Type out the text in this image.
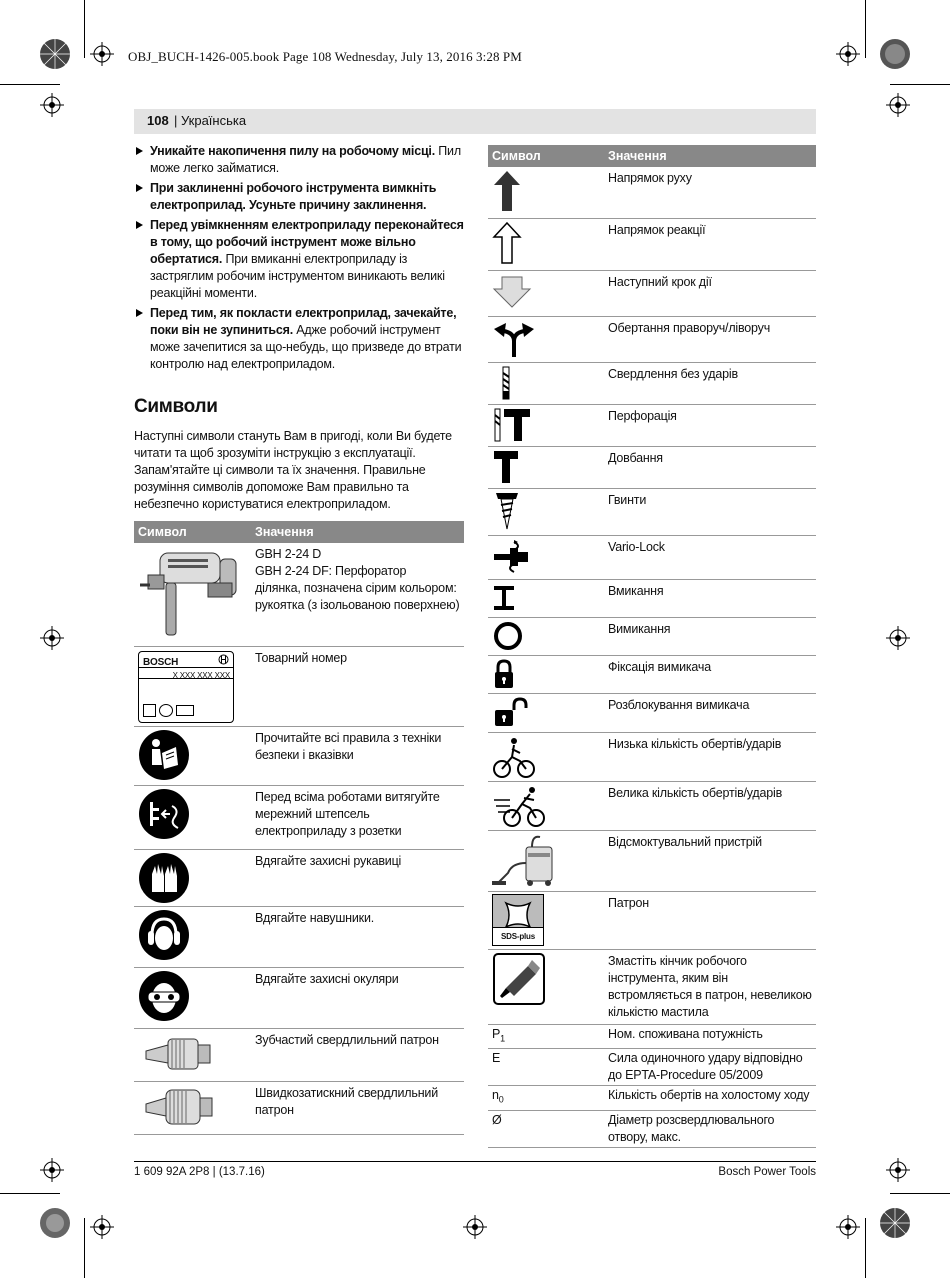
OBJ_BUCH-1426-005.book Page 108 Wednesday, July 13, 2016 3:28 PM
108 | Українська
Уникайте накопичення пилу на робочому місці. Пил може легко займатися.
При заклиненні робочого інструмента вимкніть електроприлад. Усуньте причину заклинення.
Перед увімкненням електроприладу переконайтеся в тому, що робочий інструмент може вільно обертатися. При вмиканні електроприладу із застряглим робочим інструментом виникають великі реакційні моменти.
Перед тим, як покласти електроприлад, зачекайте, поки він не зупиниться. Адже робочий інструмент може зачепитися за що-небудь, що призведе до втрати контролю над електроприладом.
Символи
Наступні символи стануть Вам в пригоді, коли Ви будете читати та щоб зрозуміти інструкцію з експлуатації. Запам'ятайте ці символи та їх значення. Правильне розуміння символів допоможе Вам правильно та небезпечно користуватися електроприладом.
Символ	Значення

GBH 2-24 D
GBH 2-24 DF: Перфоратор
ділянка, позначена сірим кольором: рукоятка (з ізольованою поверхнею)

BOSCH
X XXX XXX XXX	Товарний номер

	Прочитайте всі правила з техніки безпеки і вказівки

	Перед всіма роботами витягуйте мережний штепсель електроприладу з розетки

	Вдягайте захисні рукавиці

	Вдягайте навушники.

	Вдягайте захисні окуляри

	Зубчастий свердлильний патрон

	Швидкозатискний свердлильний патрон
Символ	Значення

	Напрямок руху

	Напрямок реакції

	Наступний крок дії

	Обертання праворуч/ліворуч

	Свердлення без ударів

	Перфорація

	Довбання

	Гвинти

	Vario-Lock

	Вмикання

	Вимикання

	Фіксація вимикача

	Розблокування вимикача

	Низька кількість обертів/ударів

	Велика кількість обертів/ударів

	Відсмоктувальний пристрій

SDS-plus	Патрон

	Змастіть кінчик робочого інструмента, яким він встромляється в патрон, невеликою кількістю мастила
$P_1$	Ном. споживана потужність
E	Сила одиночного удару відповідно до EPTA-Procedure 05/2009
$n_0$	Кількість обертів на холостому ходу
Ø	Діаметр розсвердлювального отвору, макс.
1 609 92A 2P8 | (13.7.16)	Bosch Power Tools
